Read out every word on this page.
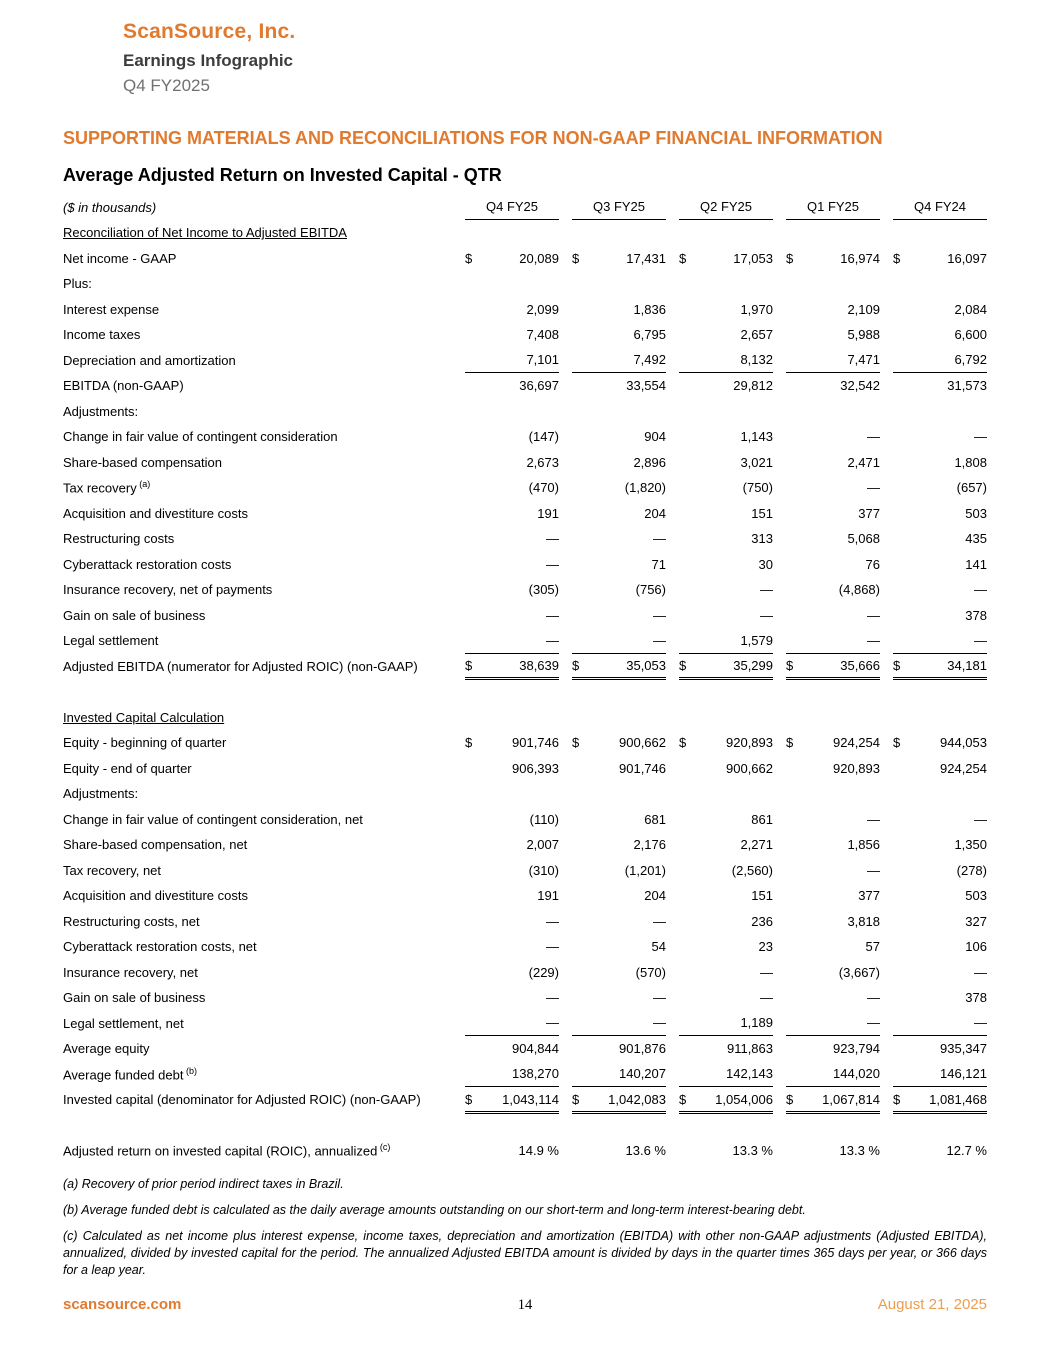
ScanSource, Inc.
Earnings Infographic
Q4 FY2025
SUPPORTING MATERIALS AND RECONCILIATIONS FOR NON-GAAP FINANCIAL INFORMATION
Average Adjusted Return on Invested Capital - QTR
($ in thousands)		Q4 FY25			Q3 FY25			Q2 FY25			Q1 FY25			Q4 FY24	
Reconciliation of Net Income to Adjusted EBITDA															
Net income - GAAP		$	20,089		$	17,431		$	17,053		$	16,974		$	16,097
Plus:															
Interest expense			2,099			1,836			1,970			2,109			2,084
Income taxes			7,408			6,795			2,657			5,988			6,600
Depreciation and amortization			7,101			7,492			8,132			7,471			6,792
EBITDA (non-GAAP)			36,697			33,554			29,812			32,542			31,573
Adjustments:															
Change in fair value of contingent consideration			(147)			904			1,143			—			—
Share-based compensation			2,673			2,896			3,021			2,471			1,808
Tax recovery $^{(a)}$			(470)			(1,820)			(750)			—			(657)
Acquisition and divestiture costs			191			204			151			377			503
Restructuring costs			—			—			313			5,068			435
Cyberattack restoration costs			—			71			30			76			141
Insurance recovery, net of payments			(305)			(756)			—			(4,868)			—
Gain on sale of business			—			—			—			—			378
Legal settlement			—			—			1,579			—			—
Adjusted EBITDA (numerator for Adjusted ROIC) (non-GAAP)		$	38,639		$	35,053		$	35,299		$	35,666		$	34,181

Invested Capital Calculation															
Equity - beginning of quarter		$	901,746		$	900,662		$	920,893		$	924,254		$	944,053
Equity - end of quarter			906,393			901,746			900,662			920,893			924,254
Adjustments:															
Change in fair value of contingent consideration, net			(110)			681			861			—			—
Share-based compensation, net			2,007			2,176			2,271			1,856			1,350
Tax recovery, net			(310)			(1,201)			(2,560)			—			(278)
Acquisition and divestiture costs			191			204			151			377			503
Restructuring costs, net			—			—			236			3,818			327
Cyberattack restoration costs, net			—			54			23			57			106
Insurance recovery, net			(229)			(570)			—			(3,667)			—
Gain on sale of business			—			—			—			—			378
Legal settlement, net			—			—			1,189			—			—
Average equity			904,844			901,876			911,863			923,794			935,347
Average funded debt $^{(b)}$			138,270			140,207			142,143			144,020			146,121
Invested capital (denominator for Adjusted ROIC) (non-GAAP)		$	1,043,114		$	1,042,083		$	1,054,006		$	1,067,814		$	1,081,468

Adjusted return on invested capital (ROIC), annualized $^{(c)}$			14.9 %			13.6 %			13.3 %			13.3 %			12.7 %
(a) Recovery of prior period indirect taxes in Brazil.
(b) Average funded debt is calculated as the daily average amounts outstanding on our short-term and long-term interest-bearing debt.
(c) Calculated as net income plus interest expense, income taxes, depreciation and amortization (EBITDA) with other non-GAAP adjustments (Adjusted EBITDA), annualized, divided by invested capital for the period. The annualized Adjusted EBITDA amount is divided by days in the quarter times 365 days per year, or 366 days for a leap year.
scansource.com	14	August 21, 2025
